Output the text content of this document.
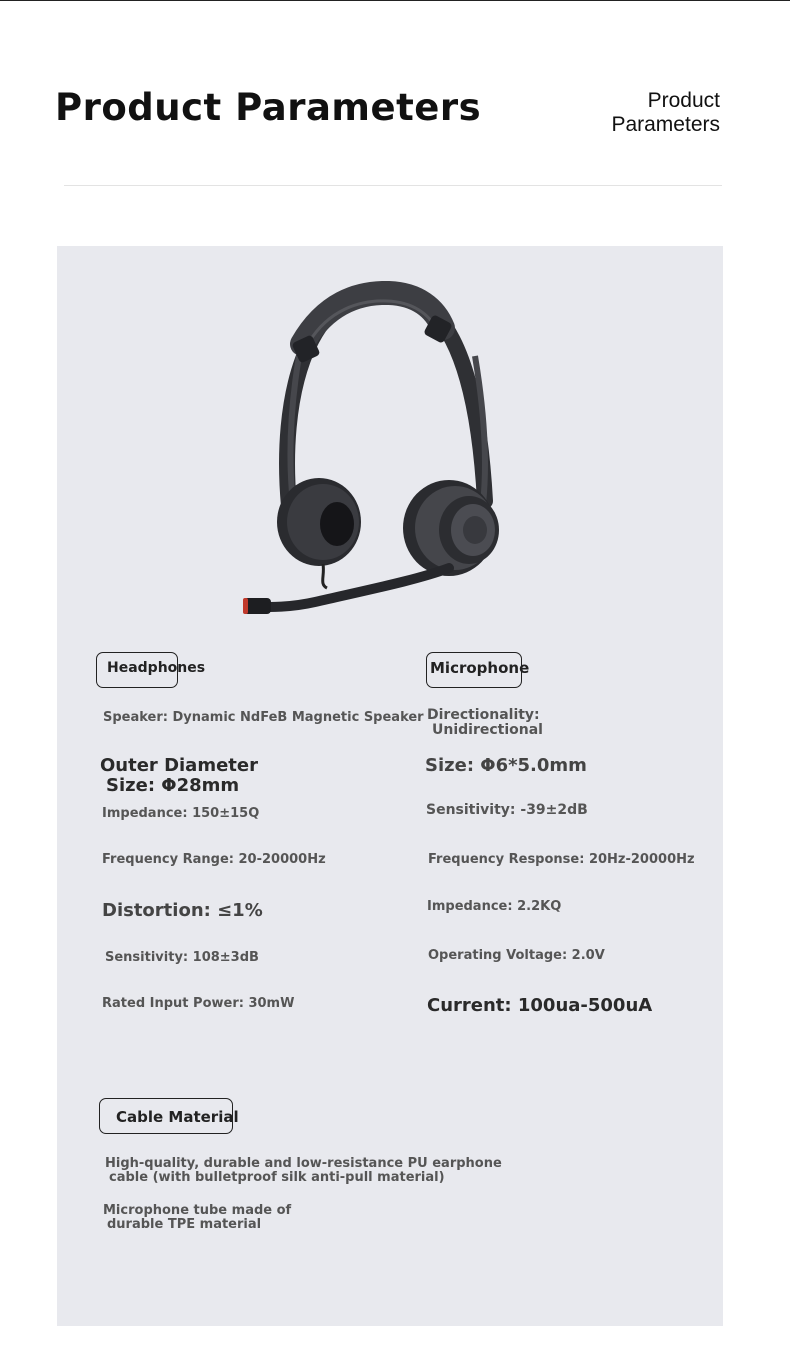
Product Parameters	Product
Parameters
Headphones
Speaker: Dynamic NdFeB Magnetic Speaker
Outer Diameter
Size: Φ28mm
Impedance: 150±15Q
Frequency Range: 20-20000Hz
Distortion: ≤1%
Sensitivity: 108±3dB
Rated Input Power: 30mW
Microphone
Directionality:
Unidirectional
Size: Φ6*5.0mm
Sensitivity: -39±2dB
Frequency Response: 20Hz-20000Hz
Impedance: 2.2KQ
Operating Voltage: 2.0V
Current: 100ua-500uA
Cable Material
High-quality, durable and low-resistance PU earphone
cable (with bulletproof silk anti-pull material)
Microphone tube made of
durable TPE material
